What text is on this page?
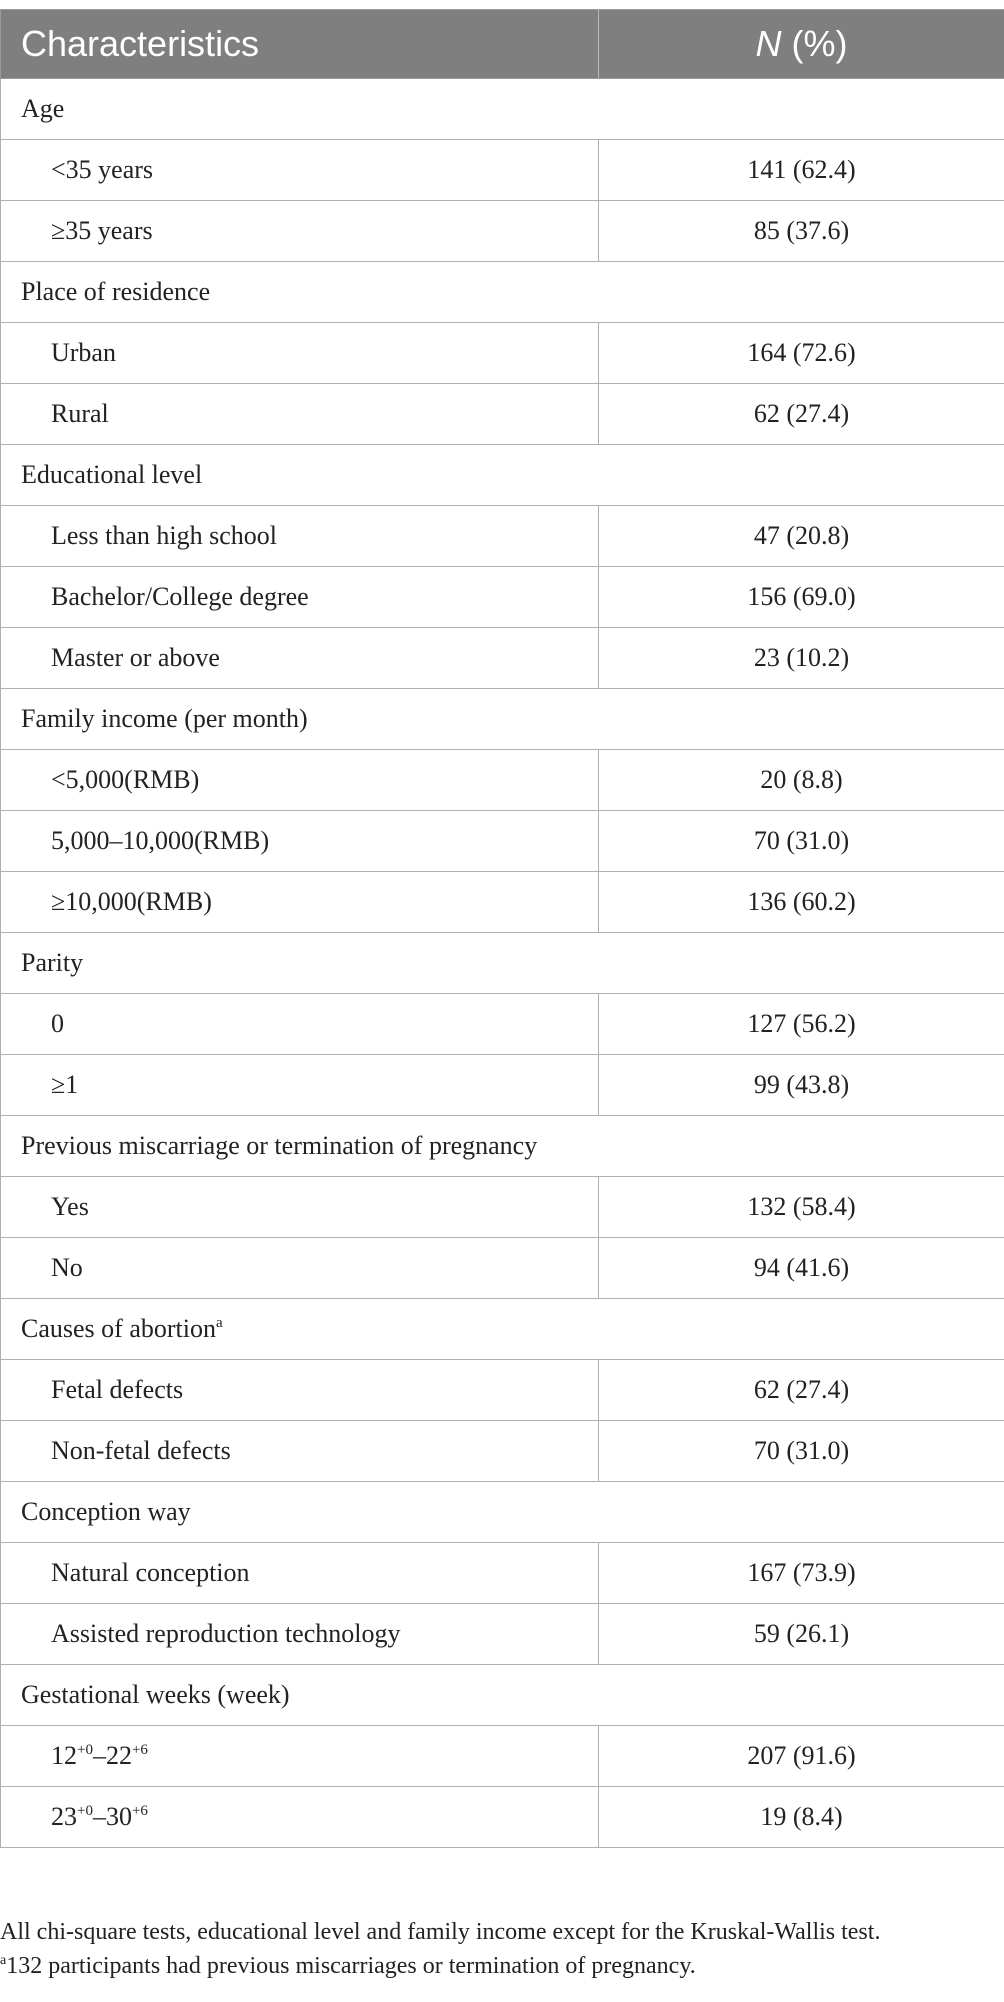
Characteristics	N (%)
Age	
<35 years	141 (62.4)
≥35 years	85 (37.6)
Place of residence	
Urban	164 (72.6)
Rural	62 (27.4)
Educational level	
Less than high school	47 (20.8)
Bachelor/College degree	156 (69.0)
Master or above	23 (10.2)
Family income (per month)	
<5,000(RMB)	20 (8.8)
5,000–10,000(RMB)	70 (31.0)
≥10,000(RMB)	136 (60.2)
Parity	
0	127 (56.2)
≥1	99 (43.8)
Previous miscarriage or termination of pregnancy	
Yes	132 (58.4)
No	94 (41.6)
Causes of abortion$^a$
Fetal defects	62 (27.4)
Non-fetal defects	70 (31.0)
Conception way	
Natural conception	167 (73.9)
Assisted reproduction technology	59 (26.1)
Gestational weeks (week)	
$12^{+0}-22^{+6}$	207 (91.6)
$23^{+0}-30^{+6}$	19 (8.4)

All chi-square tests, educational level and family income except for the Kruskal-Wallis test.

$^a$132 participants had previous miscarriages or termination of pregnancy.
